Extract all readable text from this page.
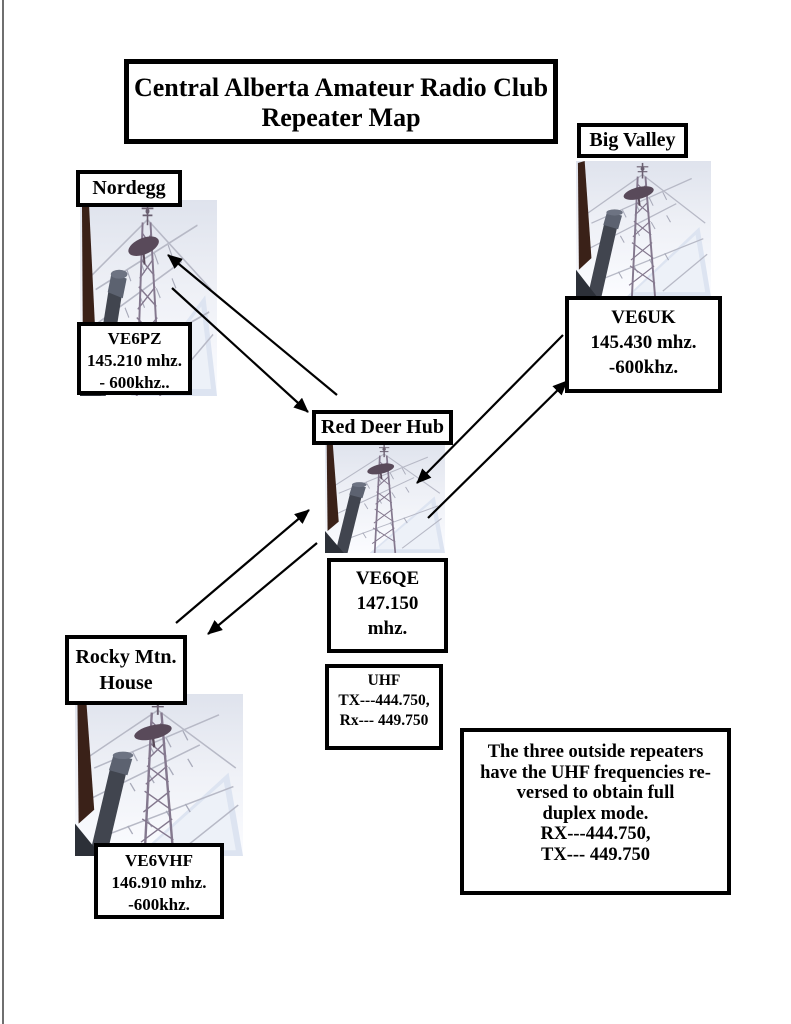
Central Alberta Amateur Radio Club
Repeater Map
Nordegg
Big Valley
Red Deer Hub
Rocky Mtn.
House
VE6PZ
145.210 mhz.
- 600khz..
VE6UK
145.430 mhz.
-600khz.
VE6QE
147.150
mhz.
VE6VHF
146.910 mhz.
-600khz.
UHF
TX---444.750,
Rx--- 449.750
The three outside repeaters
have the UHF frequencies re-
versed to obtain full
duplex mode.
RX---444.750,
TX--- 449.750
